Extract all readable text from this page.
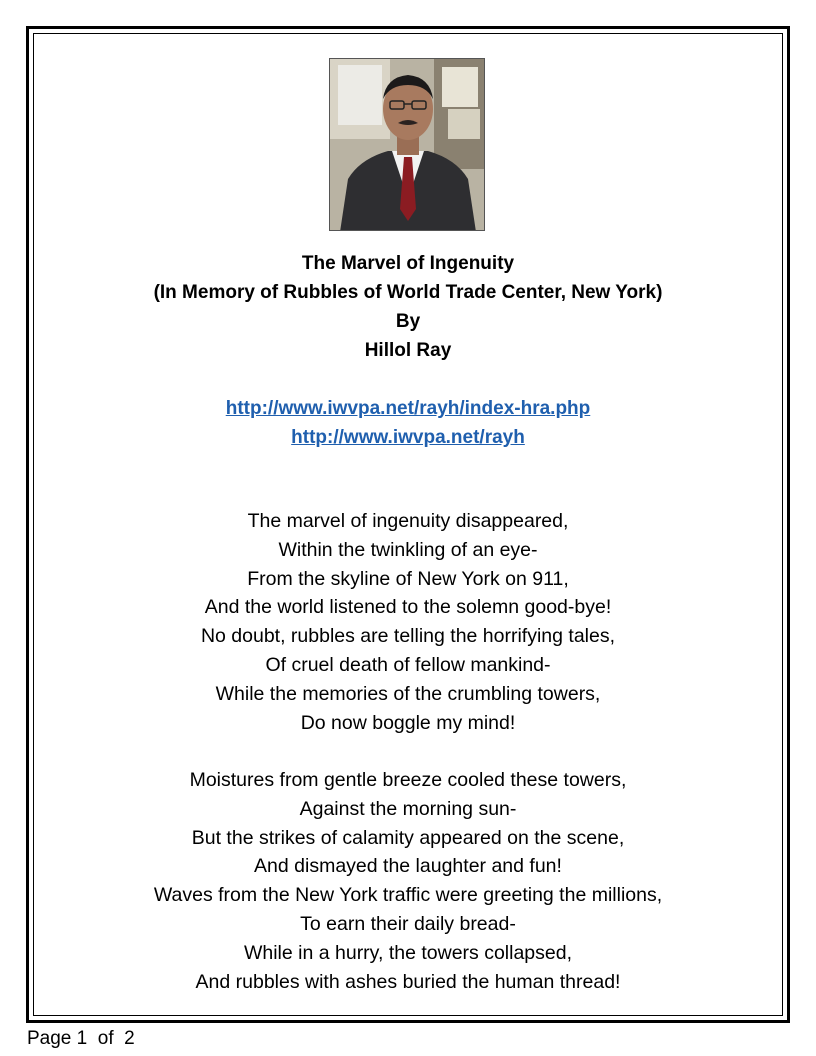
The Marvel of Ingenuity
(In Memory of Rubbles of World Trade Center, New York)
By
Hillol Ray
http://www.iwvpa.net/rayh/index-hra.php
http://www.iwvpa.net/rayh
The marvel of ingenuity disappeared,
Within the twinkling of an eye-
From the skyline of New York on 911,
And the world listened to the solemn good-bye!
No doubt, rubbles are telling the horrifying tales,
Of cruel death of fellow mankind-
While the memories of the crumbling towers,
Do now boggle my mind!
Moistures from gentle breeze cooled these towers,
Against the morning sun-
But the strikes of calamity appeared on the scene,
And dismayed the laughter and fun!
Waves from the New York traffic were greeting the millions,
To earn their daily bread-
While in a hurry, the towers collapsed,
And rubbles with ashes buried the human thread!
Page 1  of  2
